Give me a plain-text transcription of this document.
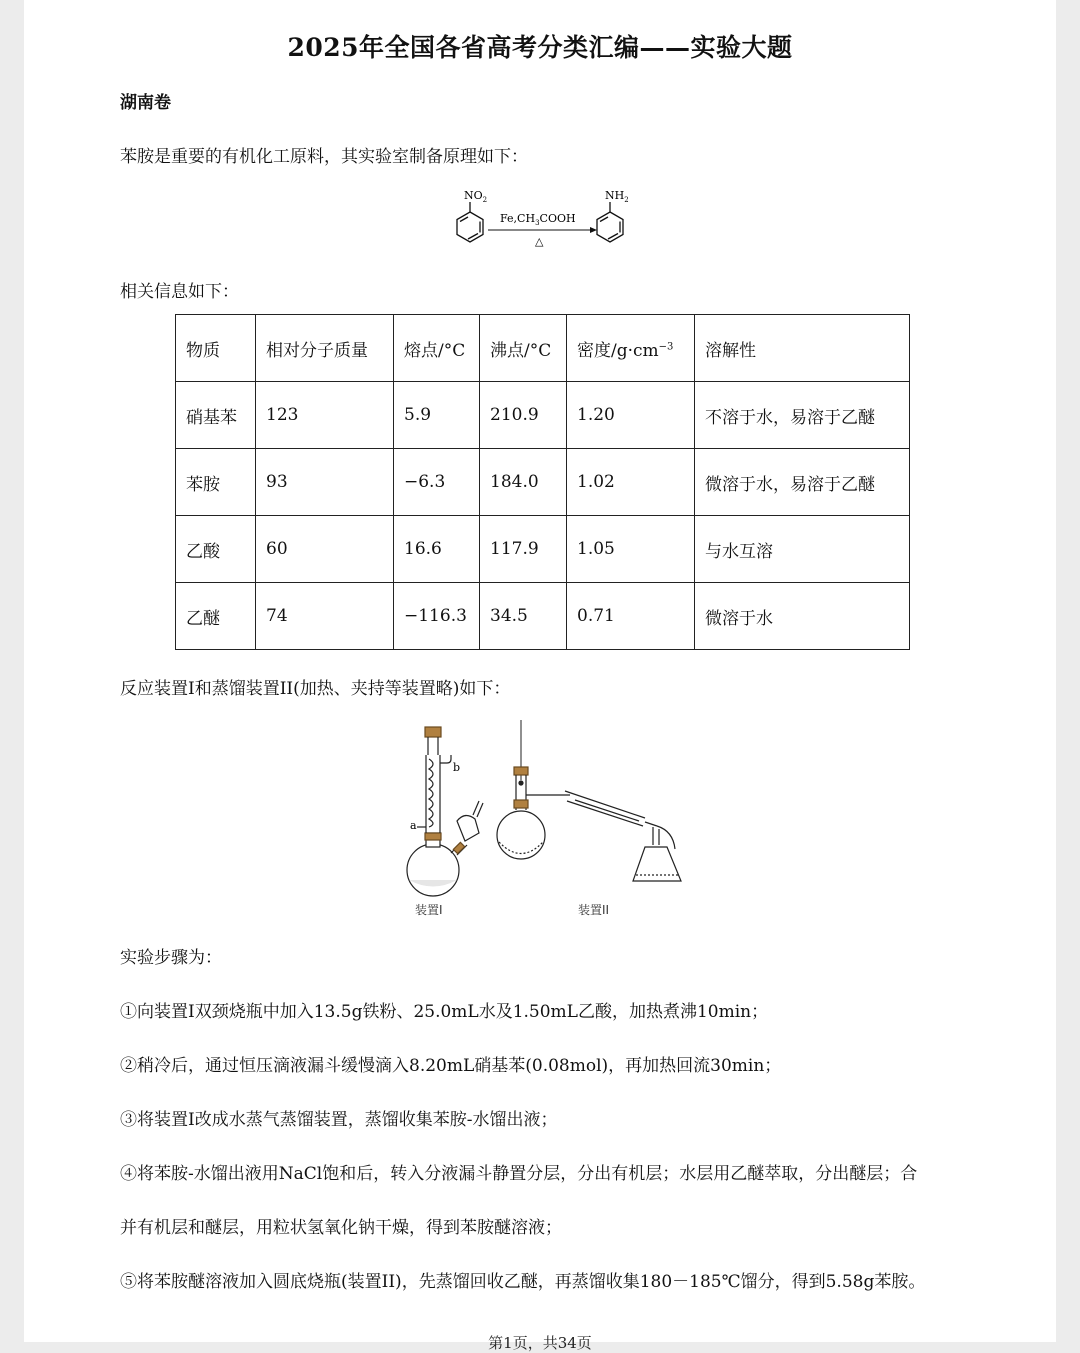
2025年全国各省高考分类汇编——实验大题
湖南卷
苯胺是重要的有机化工原料，其实验室制备原理如下：
$NO_2$
$Fe,CH_3COOH$
△
$NH_2$
相关信息如下：
物质	相对分子质量	熔点/°C	沸点/°C	密度$/g\cdot cm^{-3}$	溶解性
硝基苯	123	5.9	210.9	1.20	不溶于水，易溶于乙醚
苯胺	93	−6.3	184.0	1.02	微溶于水，易溶于乙醚
乙酸	60	16.6	117.9	1.05	与水互溶
乙醚	74	−116.3	34.5	0.71	微溶于水
反应装置I和蒸馏装置II(加热、夹持等装置略)如下：
a
b
装置I	装置II
实验步骤为：
①向装置I双颈烧瓶中加入13.5g铁粉、25.0mL水及1.50mL乙酸，加热煮沸10min；
②稍冷后，通过恒压滴液漏斗缓慢滴入8.20mL硝基苯(0.08mol)，再加热回流30min；
③将装置I改成水蒸气蒸馏装置，蒸馏收集苯胺-水馏出液；
④将苯胺-水馏出液用NaCl饱和后，转入分液漏斗静置分层，分出有机层；水层用乙醚萃取，分出醚层；合
并有机层和醚层，用粒状氢氧化钠干燥，得到苯胺醚溶液；
⑤将苯胺醚溶液加入圆底烧瓶(装置II)，先蒸馏回收乙醚，再蒸馏收集180－185℃馏分，得到5.58g苯胺。
第1页，共34页
